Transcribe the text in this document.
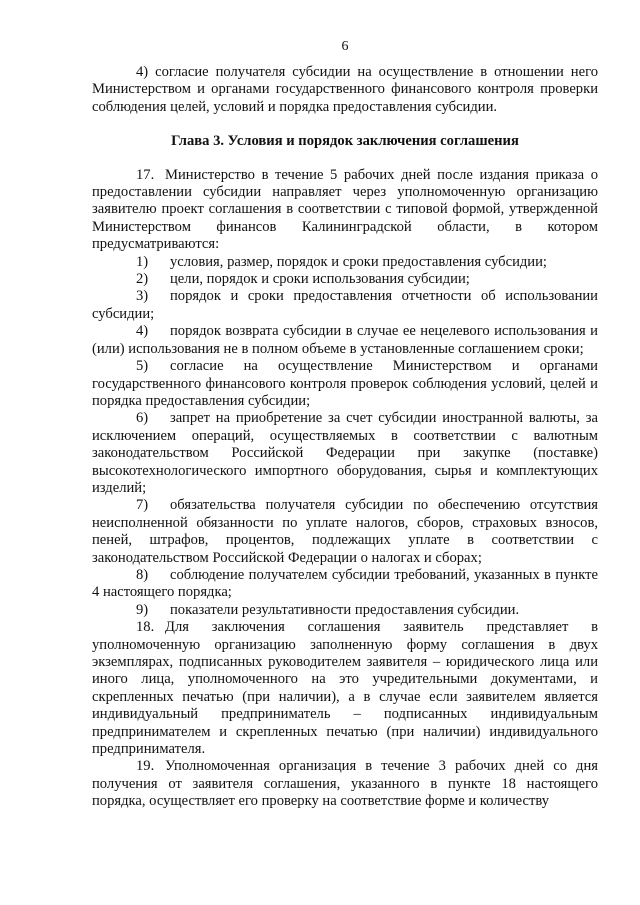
6

4) согласие получателя субсидии на осуществление в отношении него Министерством и органами государственного финансового контроля проверки соблюдения целей, условий и порядка предоставления субсидии.

Глава 3. Условия и порядок заключения соглашения

17. Министерство в течение 5 рабочих дней после издания приказа о предоставлении субсидии направляет через уполномоченную организацию заявителю проект соглашения в соответствии с типовой формой, утвержденной Министерством финансов Калининградской области, в котором предусматриваются:

1) условия, размер, порядок и сроки предоставления субсидии;

2) цели, порядок и сроки использования субсидии;

3) порядок и сроки предоставления отчетности об использовании субсидии;

4) порядок возврата субсидии в случае ее нецелевого использования и (или) использования не в полном объеме в установленные соглашением сроки;

5) согласие на осуществление Министерством и органами государственного финансового контроля проверок соблюдения условий, целей и порядка предоставления субсидии;

6) запрет на приобретение за счет субсидии иностранной валюты, за исключением операций, осуществляемых в соответствии с валютным законодательством Российской Федерации при закупке (поставке) высокотехнологического импортного оборудования, сырья и комплектующих изделий;

7) обязательства получателя субсидии по обеспечению отсутствия неисполненной обязанности по уплате налогов, сборов, страховых взносов, пеней, штрафов, процентов, подлежащих уплате в соответствии с законодательством Российской Федерации о налогах и сборах;

8) соблюдение получателем субсидии требований, указанных в пункте 4 настоящего порядка;

9) показатели результативности предоставления субсидии.

18. Для заключения соглашения заявитель представляет в уполномоченную организацию заполненную форму соглашения в двух экземплярах, подписанных руководителем заявителя – юридического лица или иного лица, уполномоченного на это учредительными документами, и скрепленных печатью (при наличии), а в случае если заявителем является индивидуальный предприниматель – подписанных индивидуальным предпринимателем и скрепленных печатью (при наличии) индивидуального предпринимателя.

19. Уполномоченная организация в течение 3 рабочих дней со дня получения от заявителя соглашения, указанного в пункте 18 настоящего порядка, осуществляет его проверку на соответствие форме и количеству
